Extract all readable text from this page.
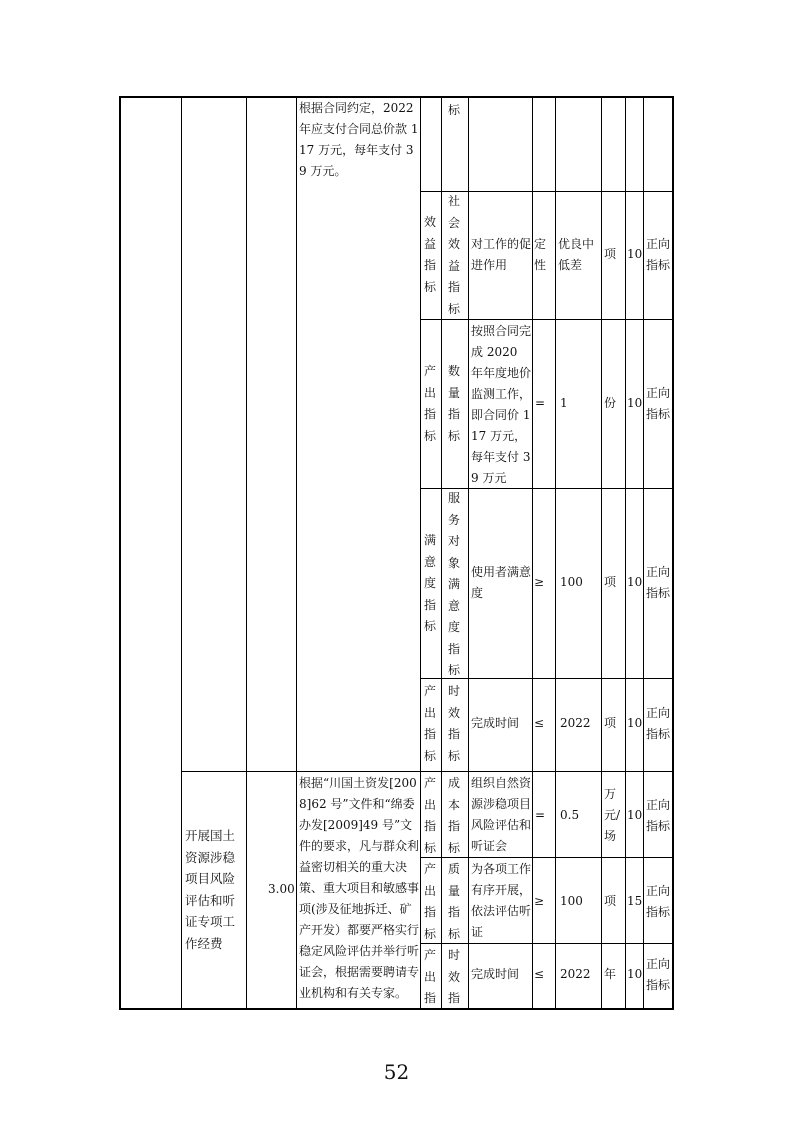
根据合同约定，2022 年应支付合同总价款 117 万元，每年支付 39 万元。
标
效益指标
社会效益指标
对工作的促进作用
定性
优良中低差
项 10
正向指标
产出指标
数量指标
按照合同完成 2020 年年度地价监测工作，即合同价 117 万元，每年支付 39 万元
= 1	份 10
正向指标
满意度指标
服务对象满意度指标
使用者满意度
≥ 100 项 10
正向指标
产出指标
时效指标
完成时间 ≤ 2022 项 10
正向指标
开展国土资源涉稳项目风险评估和听证专项工作经费
3.00
根据“川国土资发[2008]62 号”文件和“绵委办发[2009]49 号”文件的要求，凡与群众利益密切相关的重大决策、重大项目和敏感事项(涉及征地拆迁、矿产开发）都要严格实行稳定风险评估并举行听证会，根据需要聘请专业机构和有关专家。
产出指标
成本指标
组织自然资源涉稳项目风险评估和听证会
= 0.5
万元/场
10
正向指标
产出指标
质量指标
为各项工作有序开展，依法评估听证
≥ 100 项 15
正向指标
产出指
时效指
完成时间 ≤ 2022 年 10
正向指标
52
